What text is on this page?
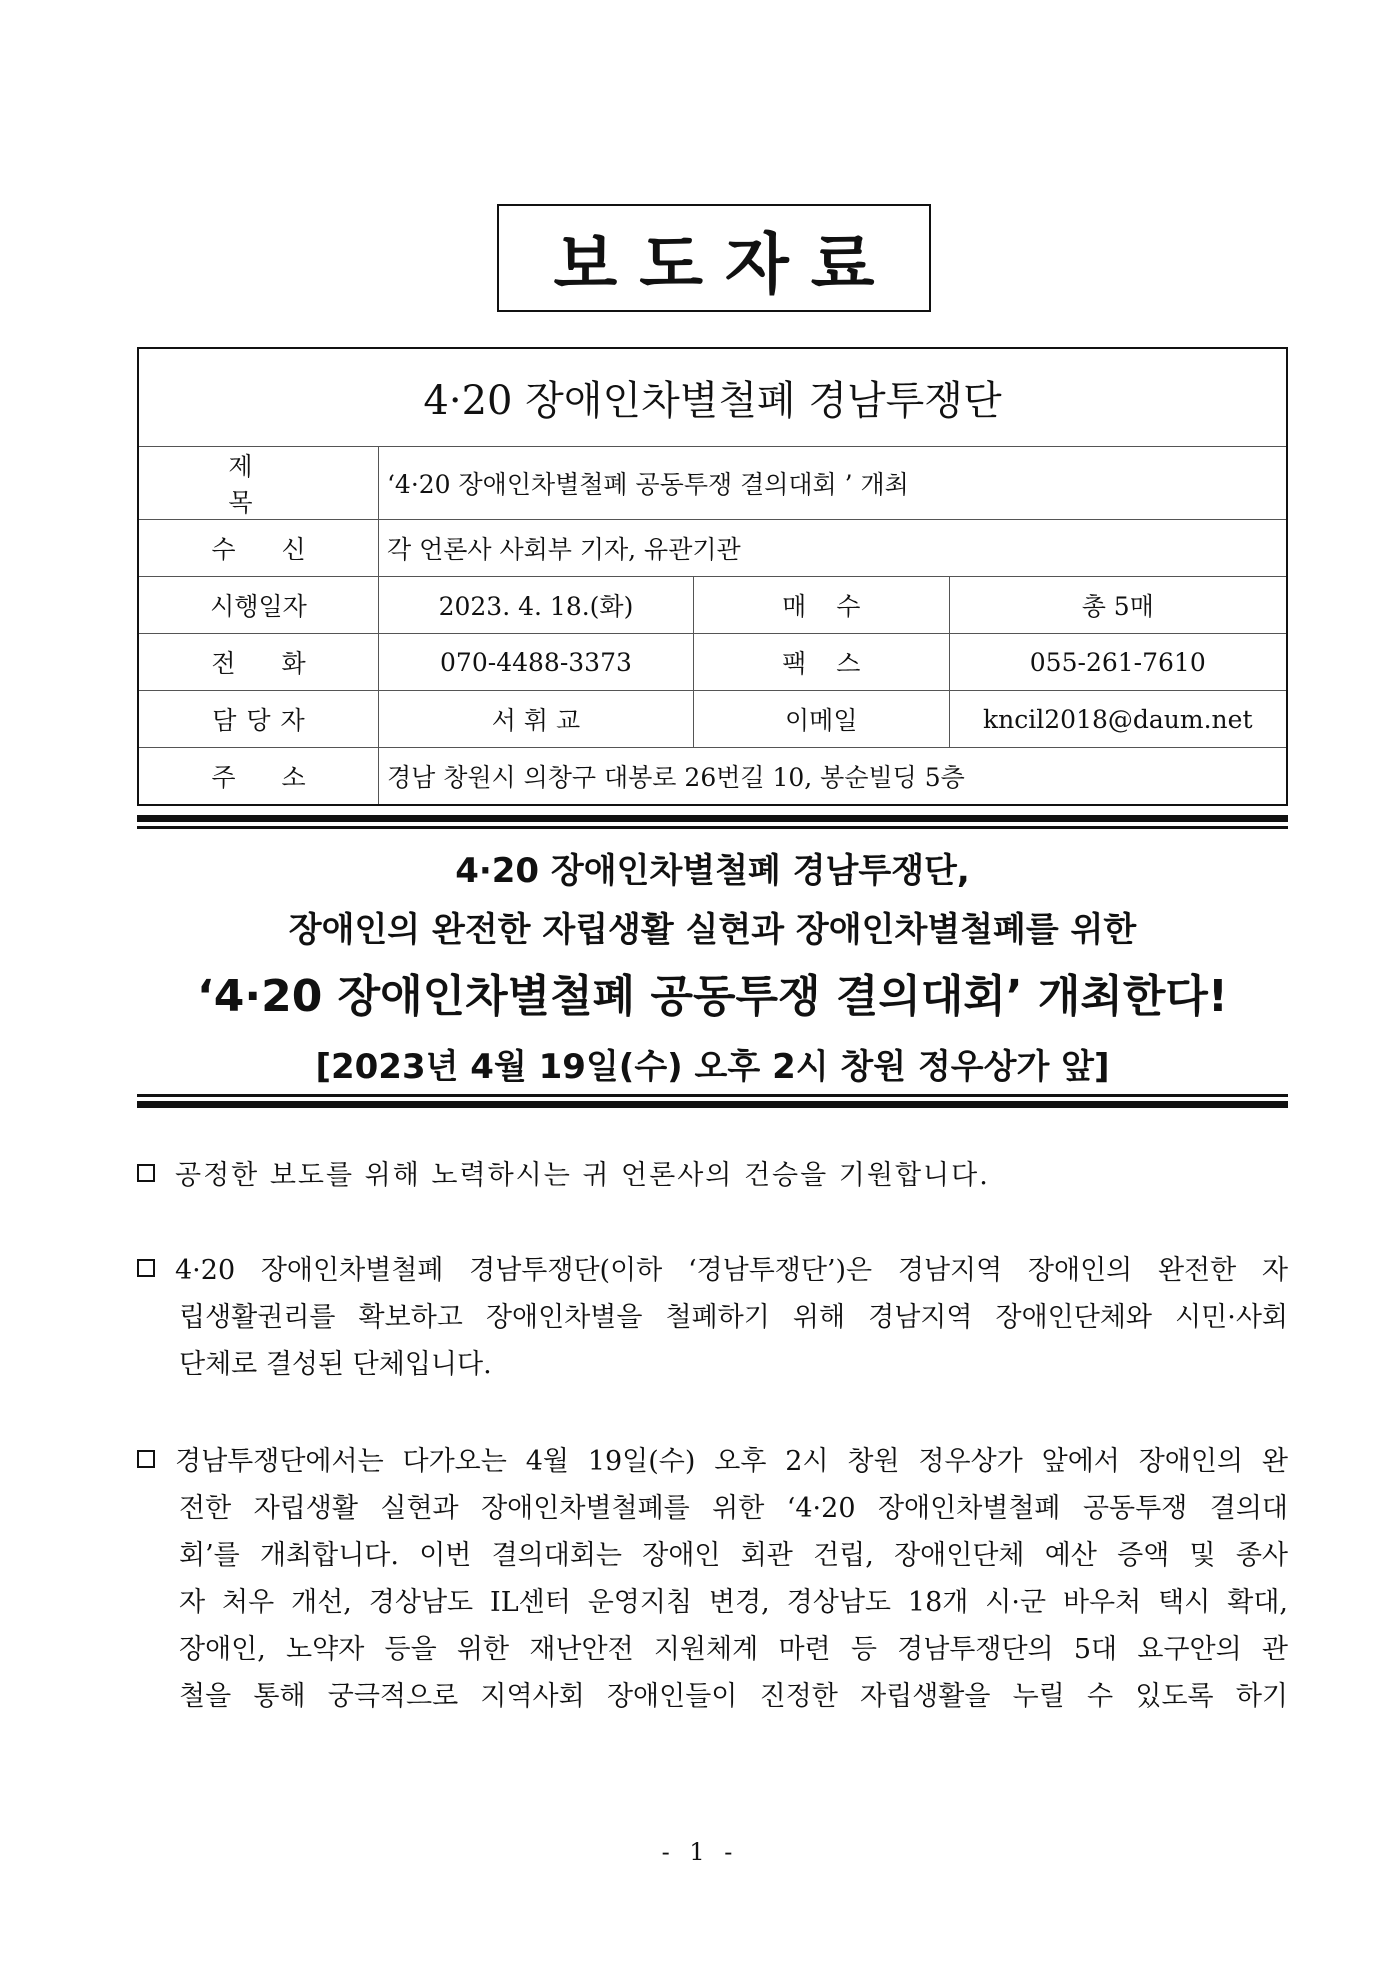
보도자료
4·20 장애인차별철폐 경남투쟁단			
제목	‘4·20 장애인차별철폐 공동투쟁 결의대회 ’ 개최		
수신	각 언론사 사회부 기자, 유관기관		
시행일자	2023. 4. 18.(화)	매수	총 5매
전화	070-4488-3373	팩스	055-261-7610
담당자	서 휘 교	이메일	kncil2018@daum.net
주소	경남 창원시 의창구 대봉로 26번길 10, 봉순빌딩 5층		
4·20 장애인차별철폐 경남투쟁단,
장애인의 완전한 자립생활 실현과 장애인차별철폐를 위한
‘4·20 장애인차별철폐 공동투쟁 결의대회’ 개최한다!
[2023년 4월 19일(수) 오후 2시 창원 정우상가 앞]
공정한 보도를 위해 노력하시는 귀 언론사의 건승을 기원합니다.
4·20 장애인차별철폐 경남투쟁단(이하 ‘경남투쟁단’)은 경남지역 장애인의 완전한 자
립생활권리를 확보하고 장애인차별을 철폐하기 위해 경남지역 장애인단체와 시민·사회
단체로 결성된 단체입니다.
경남투쟁단에서는 다가오는 4월 19일(수) 오후 2시 창원 정우상가 앞에서 장애인의 완
전한 자립생활 실현과 장애인차별철폐를 위한 ‘4·20 장애인차별철폐 공동투쟁 결의대
회’를 개최합니다. 이번 결의대회는 장애인 회관 건립, 장애인단체 예산 증액 및 종사
자 처우 개선, 경상남도 IL센터 운영지침 변경, 경상남도 18개 시·군 바우처 택시 확대,
장애인, 노약자 등을 위한 재난안전 지원체계 마련 등 경남투쟁단의 5대 요구안의 관
철을 통해 궁극적으로 지역사회 장애인들이 진정한 자립생활을 누릴 수 있도록 하기
- 1 -
